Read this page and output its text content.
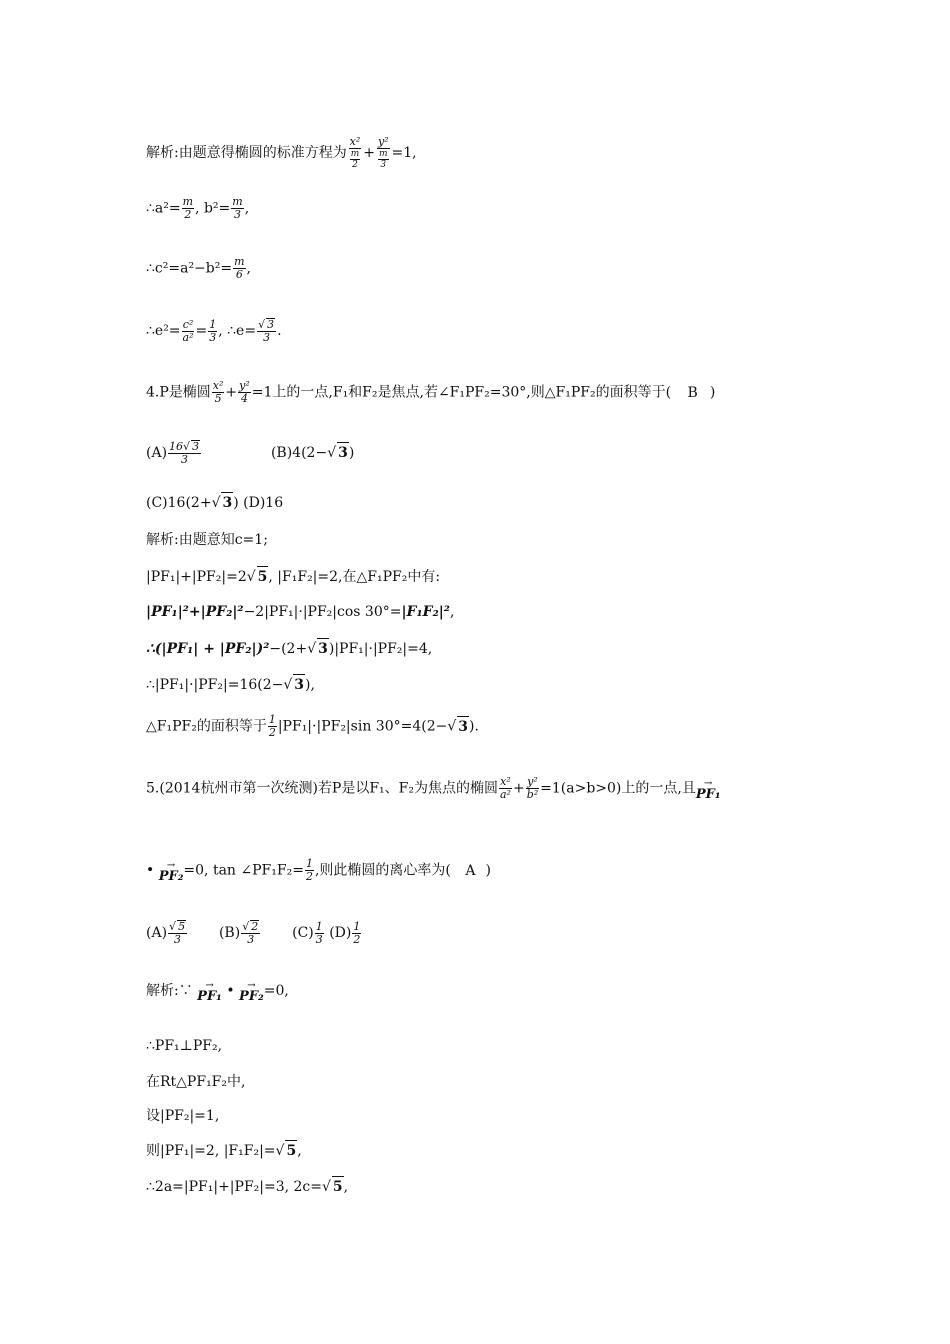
解析:由题意得椭圆的标准方程为 $\frac{\text{x²}}{\frac{m}{2}} + \frac{\text{y²}}{\frac{m}{3}} =1$,
∴a²= $\frac{m}{2}$ , $b^2= \frac{m}{3}$ ,
∴c²=a²−b²= $\frac{m}{6}$ ,
∴e²= $\frac{\text{c²}}{\text{a²}} = \frac{1}{3}$ , ∴e= $\frac{√ 3}{3}$ .
4.P是椭圆 $\frac{\text{x²}}{5} + \frac{\text{y²}}{4} =1$上的一点,F₁和F₂是焦点,若∠F₁PF₂=30°,则△F₁PF₂的面积等于( B )
$(A) \frac{16√ 3}{3}$	(B)4(2−√ 3)
(C)16(2+√ 3) (D)16
解析:由题意知c=1;
|PF₁|+|PF₂|=2√ 5, |F₁F₂|=2,在△F₁PF₂中有:
|PF₁|²+|PF₂|²−2|PF₁|·|PF₂|cos 30°=|F₁F₂|²,
∴(|PF₁| + |PF₂|)²−(2+√ 3)|PF₁|·|PF₂|=4,
∴|PF₁|·|PF₂|=16(2−√ 3),
△F₁PF₂的面积等于 $\frac{1}{2} |PF_1|\cdot|PF_2|\sin$ 30°=4(2−√ 3).
5.(2014杭州市第一次统测)若P是以F₁、F₂为焦点的椭圆 $\frac{\text{x²}}{\text{a²}} + \frac{\text{y²}}{\text{b²}} =1(a>b>0)$上的一点,且 →
PF₁
• →
PF₂ =0, tan ∠PF₁F₂= $\frac{1}{2}$ ,则此椭圆的离心率为( A )
$(A) \frac{√ 5}{3} (B) \frac{√ 2}{3} (C) \frac{1}{3} (D) \frac{1}{2}$
解析:∵ →
PF₁ • →
PF₂ =0,
∴PF₁⊥PF₂,
在Rt△PF₁F₂中,
设|PF₂|=1,
则|PF₁|=2, |F₁F₂|=√ 5,
∴2a=|PF₁|+|PF₂|=3, 2c=√ 5,
